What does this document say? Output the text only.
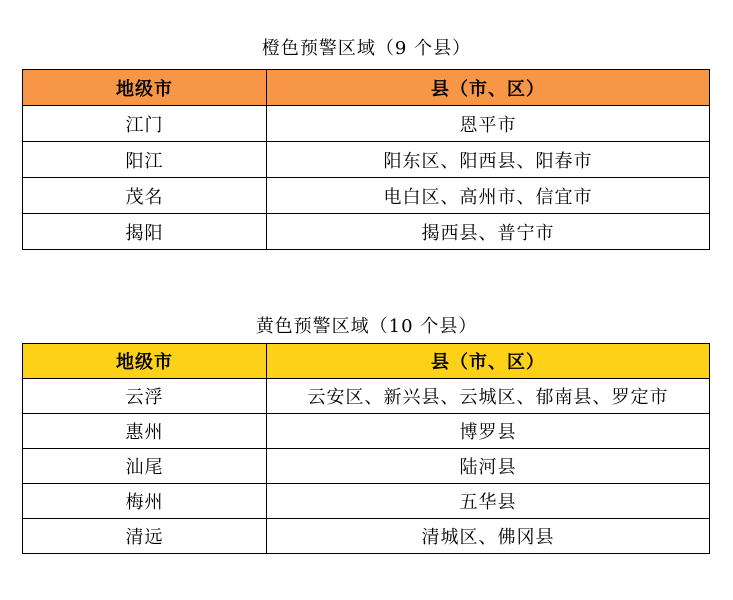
橙色预警区域（9 个县）
地级市	县（市、区）
江门	恩平市
阳江	阳东区、阳西县、阳春市
茂名	电白区、高州市、信宜市
揭阳	揭西县、普宁市
黄色预警区域（10 个县）
地级市	县（市、区）
云浮	云安区、新兴县、云城区、郁南县、罗定市
惠州	博罗县
汕尾	陆河县
梅州	五华县
清远	清城区、佛冈县
